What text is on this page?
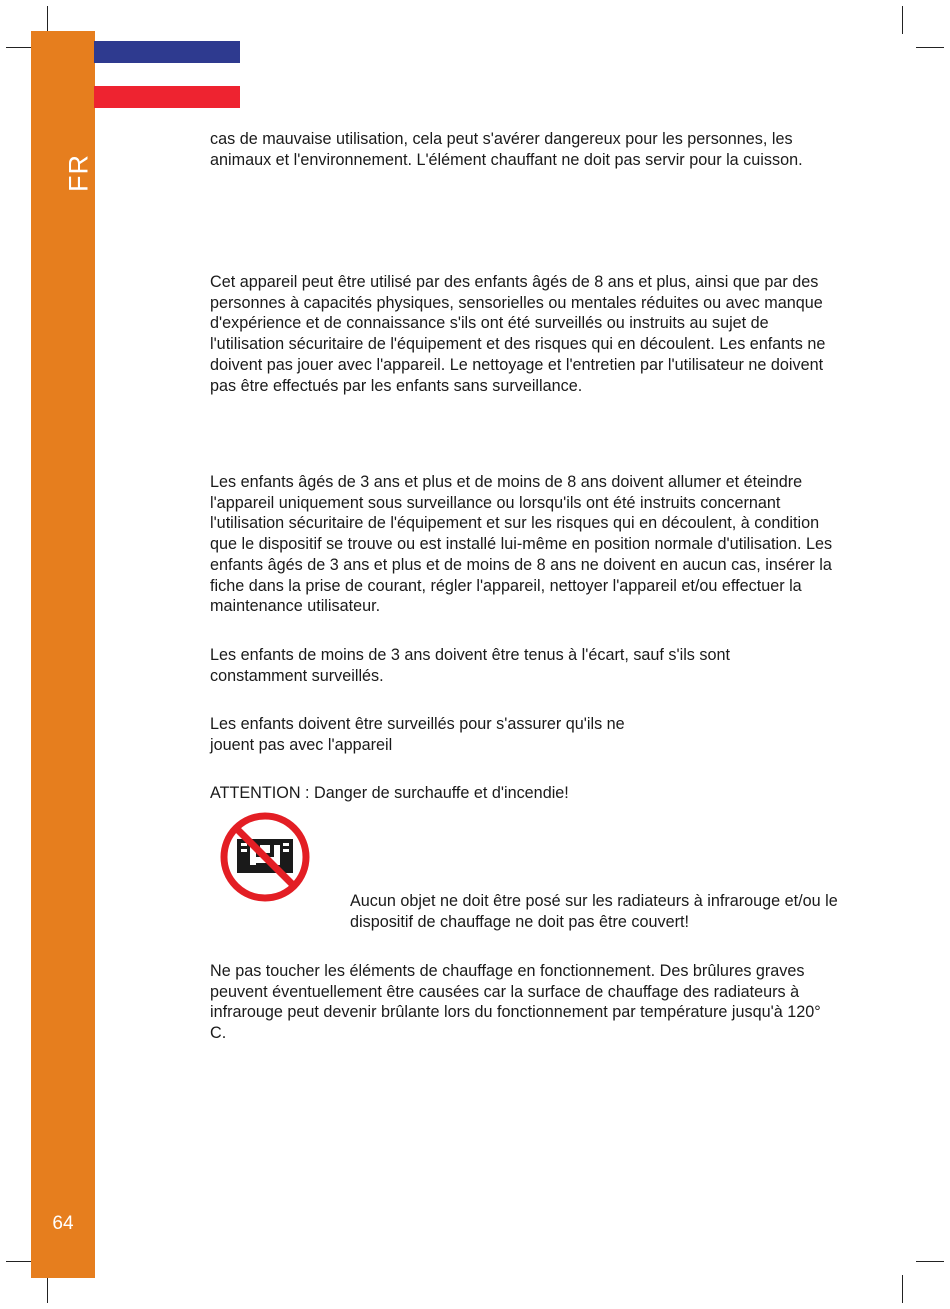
FR
64

cas de mauvaise utilisation, cela peut s'avérer dangereux pour les personnes, les animaux et l'environnement. L'élément chauffant ne doit pas servir pour la cuisson.

Cet appareil peut être utilisé par des enfants âgés de 8 ans et plus, ainsi que par des personnes à capacités physiques, sensorielles ou mentales réduites ou avec manque d'expérience et de connaissance s'ils ont été surveillés ou instruits au sujet de l'utilisation sécuritaire de l'équipement et des risques qui en découlent. Les enfants ne doivent pas jouer avec l'appareil. Le nettoyage et l'entretien par l'utilisateur ne doivent pas être effectués par les enfants sans surveillance.

Les enfants âgés de 3 ans et plus et de moins de 8 ans doivent allumer et éteindre l'appareil uniquement sous surveillance ou lorsqu'ils ont été instruits concernant l'utilisation sécuritaire de l'équipement et sur les risques qui en découlent, à condition que le dispositif se trouve ou est installé lui-même en position normale d'utilisation. Les enfants âgés de 3 ans et plus et de moins de 8 ans ne doivent en aucun cas, insérer la fiche dans la prise de courant, régler l'appareil, nettoyer l'appareil et/ou effectuer la maintenance utilisateur.

Les enfants de moins de 3 ans doivent être tenus à l'écart, sauf s'ils sont constamment surveillés.

Les enfants doivent être surveillés pour s'assurer qu'ils ne jouent pas avec l'appareil

ATTENTION : Danger de surchauffe et d'incendie!

Aucun objet ne doit être posé sur les radiateurs à infrarouge et/ou le dispositif de chauffage ne doit pas être couvert!

Ne pas toucher les éléments de chauffage en fonctionnement. Des brûlures graves peuvent éventuellement être causées car la surface de chauffage des radiateurs à infrarouge peut devenir brûlante lors du fonctionnement par température jusqu'à 120° C.
